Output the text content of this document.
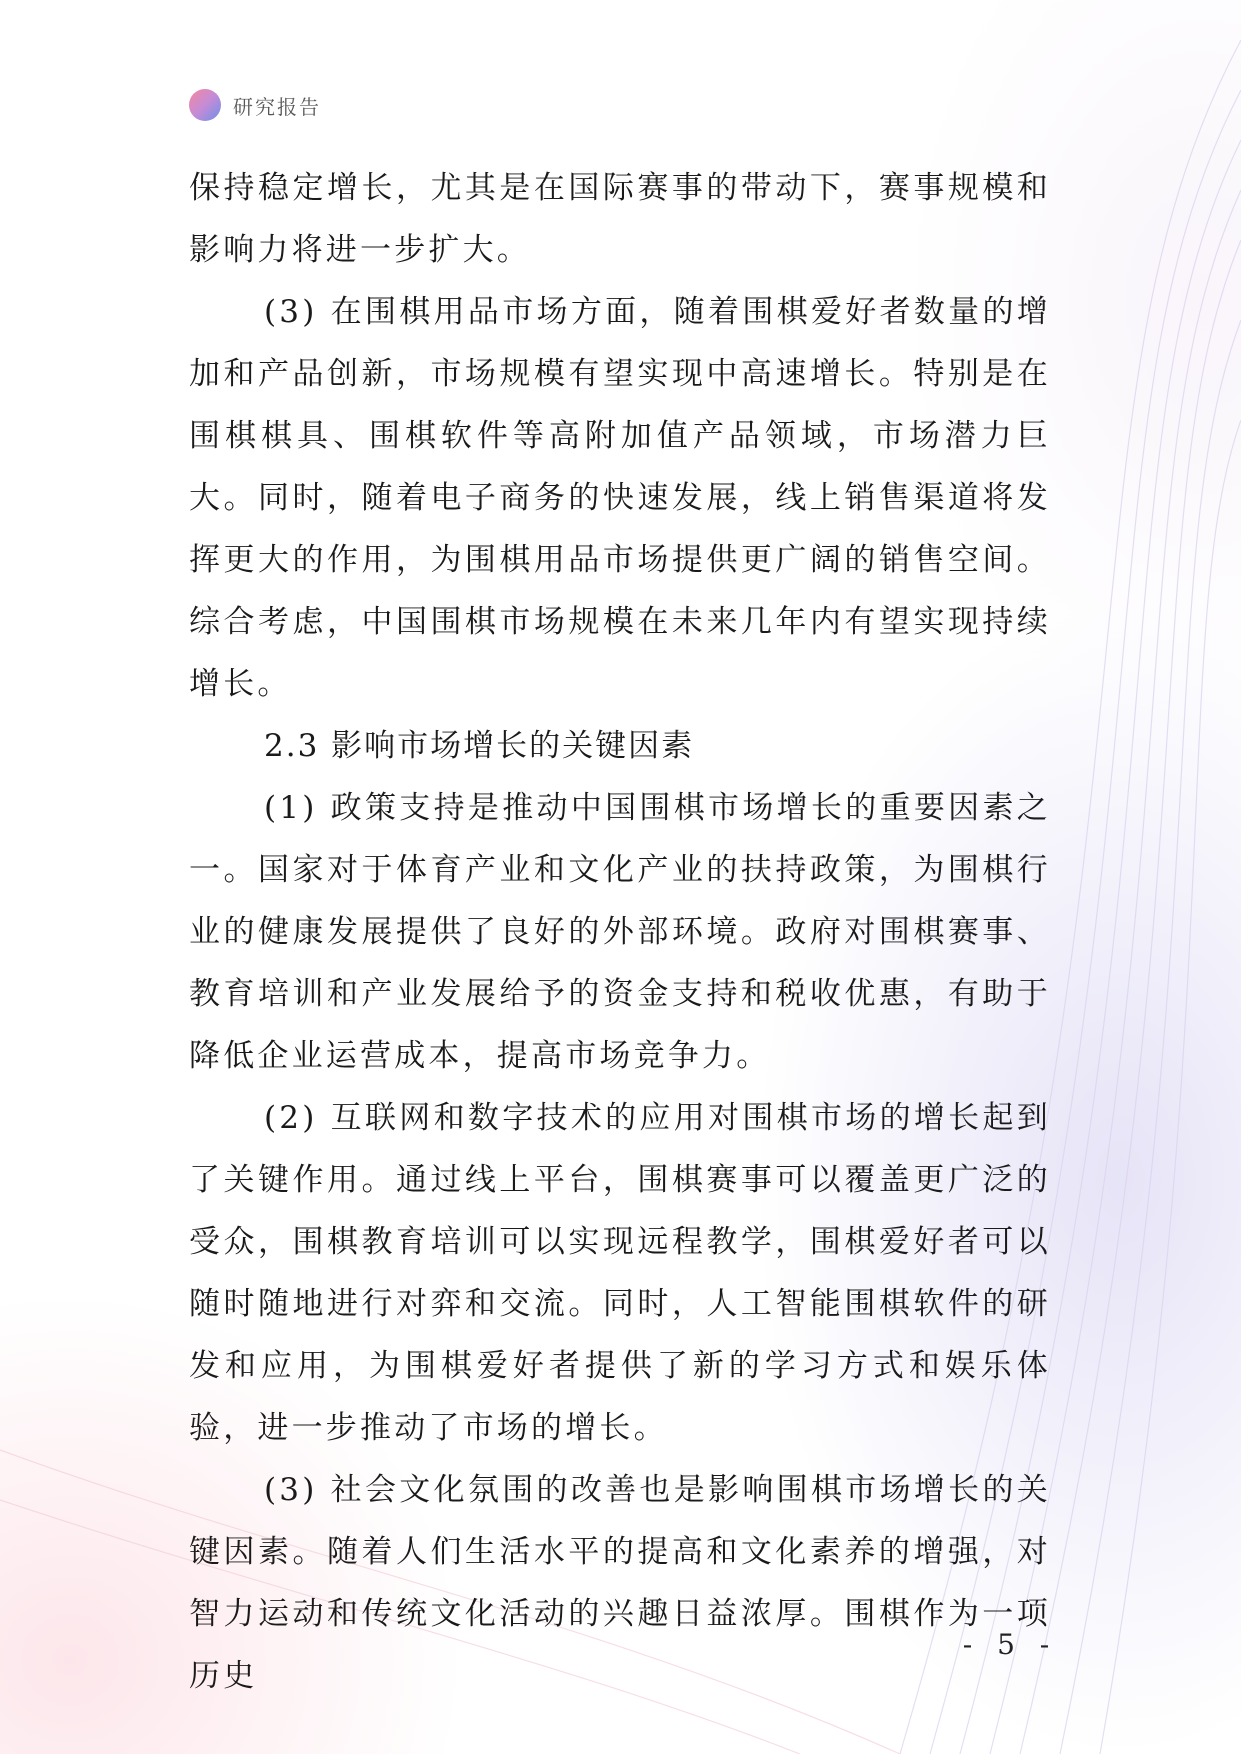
研究报告

保持稳定增长，尤其是在国际赛事的带动下，赛事规模和影响力将进一步扩大。

(3) 在围棋用品市场方面，随着围棋爱好者数量的增加和产品创新，市场规模有望实现中高速增长。特别是在围棋棋具、围棋软件等高附加值产品领域，市场潜力巨大。同时，随着电子商务的快速发展，线上销售渠道将发挥更大的作用，为围棋用品市场提供更广阔的销售空间。综合考虑，中国围棋市场规模在未来几年内有望实现持续增长。

2.3 影响市场增长的关键因素

(1) 政策支持是推动中国围棋市场增长的重要因素之一。国家对于体育产业和文化产业的扶持政策，为围棋行业的健康发展提供了良好的外部环境。政府对围棋赛事、教育培训和产业发展给予的资金支持和税收优惠，有助于降低企业运营成本，提高市场竞争力。

(2) 互联网和数字技术的应用对围棋市场的增长起到了关键作用。通过线上平台，围棋赛事可以覆盖更广泛的受众，围棋教育培训可以实现远程教学，围棋爱好者可以随时随地进行对弈和交流。同时，人工智能围棋软件的研发和应用，为围棋爱好者提供了新的学习方式和娱乐体验，进一步推动了市场的增长。

(3) 社会文化氛围的改善也是影响围棋市场增长的关键因素。随着人们生活水平的提高和文化素养的增强，对智力运动和传统文化活动的兴趣日益浓厚。围棋作为一项历史

- 5 -
